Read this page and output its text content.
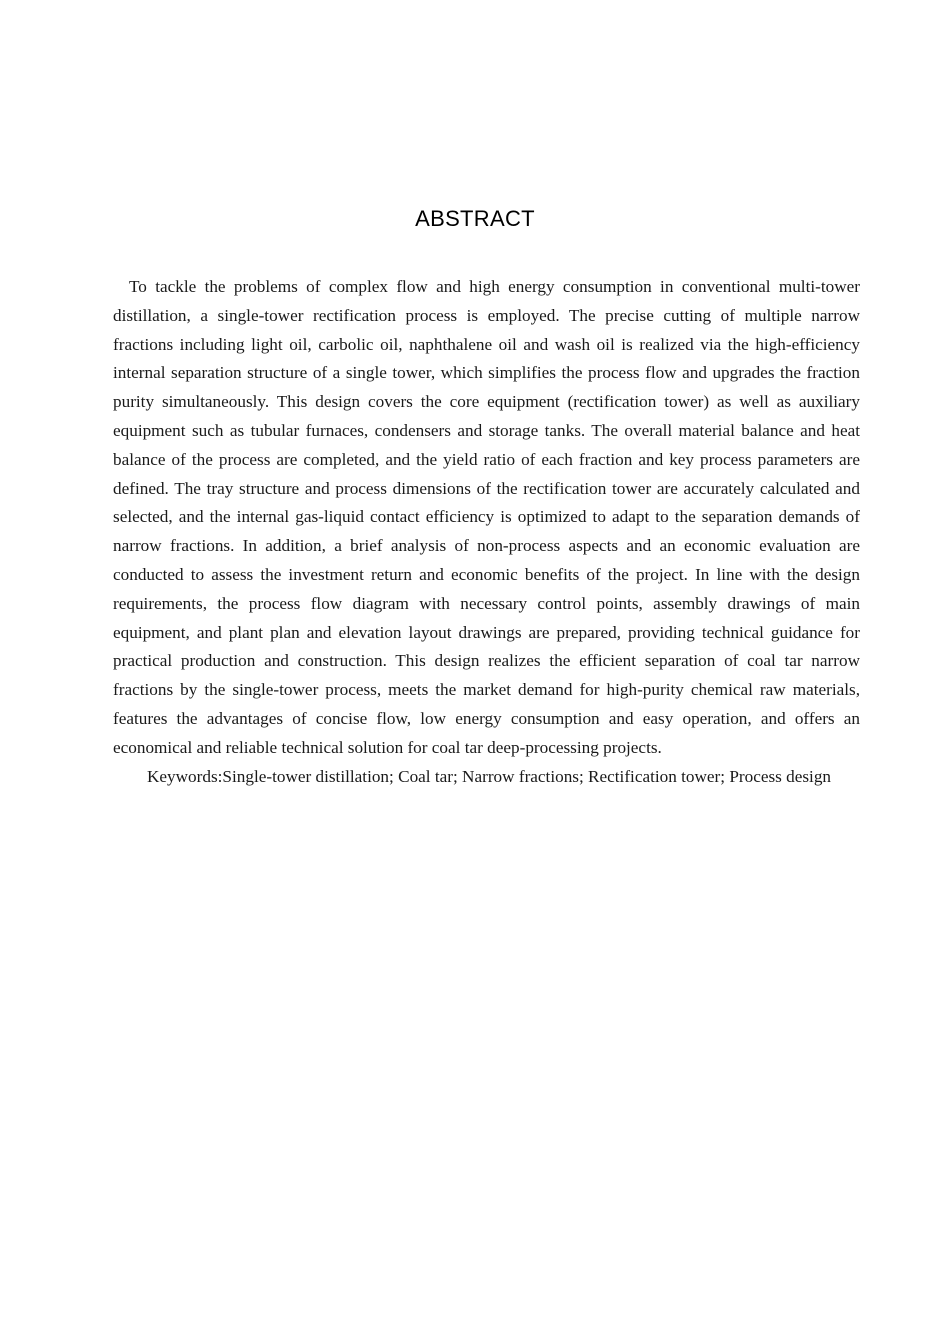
ABSTRACT

To tackle the problems of complex flow and high energy consumption in conventional multi-tower distillation, a single-tower rectification process is employed. The precise cutting of multiple narrow fractions including light oil, carbolic oil, naphthalene oil and wash oil is realized via the high-efficiency internal separation structure of a single tower, which simplifies the process flow and upgrades the fraction purity simultaneously. This design covers the core equipment (rectification tower) as well as auxiliary equipment such as tubular furnaces, condensers and storage tanks. The overall material balance and heat balance of the process are completed, and the yield ratio of each fraction and key process parameters are defined. The tray structure and process dimensions of the rectification tower are accurately calculated and selected, and the internal gas-liquid contact efficiency is optimized to adapt to the separation demands of narrow fractions. In addition, a brief analysis of non-process aspects and an economic evaluation are conducted to assess the investment return and economic benefits of the project. In line with the design requirements, the process flow diagram with necessary control points, assembly drawings of main equipment, and plant plan and elevation layout drawings are prepared, providing technical guidance for practical production and construction. This design realizes the efficient separation of coal tar narrow fractions by the single-tower process, meets the market demand for high-purity chemical raw materials, features the advantages of concise flow, low energy consumption and easy operation, and offers an economical and reliable technical solution for coal tar deep-processing projects.

Keywords:Single-tower distillation; Coal tar; Narrow fractions; Rectification tower; Process design
